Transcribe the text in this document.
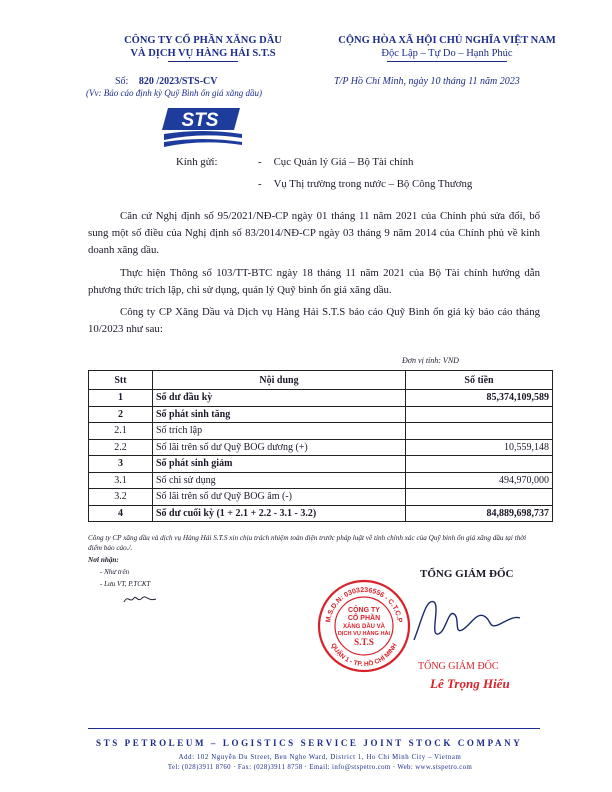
CÔNG TY CỔ PHẦN XĂNG DẦU
VÀ DỊCH VỤ HÀNG HẢI S.T.S
CỘNG HÒA XÃ HỘI CHỦ NGHĨA VIỆT NAM
Độc Lập – Tự Do – Hạnh Phúc
Số: 820 /2023/STS-CV
(Vv: Báo cáo định kỳ Quỹ Bình ổn giá xăng dầu)
T/P Hồ Chí Minh, ngày 10 tháng 11 năm 2023
STS
Kính gửi:	- Cục Quản lý Giá – Bộ Tài chính
- Vụ Thị trường trong nước – Bộ Công Thương
Căn cứ Nghị định số 95/2021/NĐ-CP ngày 01 tháng 11 năm 2021 của Chính phủ sửa đổi, bổ sung một số điều của Nghị định số 83/2014/NĐ-CP ngày 03 tháng 9 năm 2014 của Chính phủ về kinh doanh xăng dầu.
Thực hiện Thông số 103/TT-BTC ngày 18 tháng 11 năm 2021 của Bộ Tài chính hướng dẫn phương thức trích lập, chi sử dụng, quản lý Quỹ bình ổn giá xăng dầu.
Công ty CP Xăng Dầu và Dịch vụ Hàng Hải S.T.S báo cáo Quỹ Bình ổn giá kỳ báo cáo tháng 10/2023 như sau:
Đơn vị tính: VND
Stt	Nội dung	Số tiền
1	Số dư đầu kỳ	85,374,109,589
2	Số phát sinh tăng	
2.1	Số trích lập	
2.2	Số lãi trên số dư Quỹ BOG dương (+)	10,559,148
3	Số phát sinh giảm	
3.1	Số chi sử dụng	494,970,000
3.2	Số lãi trên số dư Quỹ BOG âm (-)	
4	Số dư cuối kỳ (1 + 2.1 + 2.2 - 3.1 - 3.2)	84,889,698,737
Công ty CP xăng dầu và dịch vụ Hàng Hải S.T.S xin chịu trách nhiệm toàn diện trước pháp luật về tính chính xác của Quỹ bình ổn giá xăng dầu tại thời điểm báo cáo./.
Nơi nhận:
- Như trên
- Lưu VT, P.TCKT
TỔNG GIÁM ĐỐC
M.S.D.N: 0303236556 - C.T.C.P
QUẬN 1 - TP. HỒ CHÍ MINH
CÔNG TY
CỔ PHẦN
XĂNG DẦU VÀ
DỊCH VỤ HÀNG HẢI
S.T.S
TỔNG GIÁM ĐỐC
Lê Trọng Hiếu
STS PETROLEUM – LOGISTICS SERVICE JOINT STOCK COMPANY
Add: 102 Nguyễn Du Street, Ben Nghe Ward, District 1, Ho Chi Minh City – Vietnam
Tel: (028)3911 8760 · Fax: (028)3911 8758 · Email: info@stspetro.com · Web: www.stspetro.com
